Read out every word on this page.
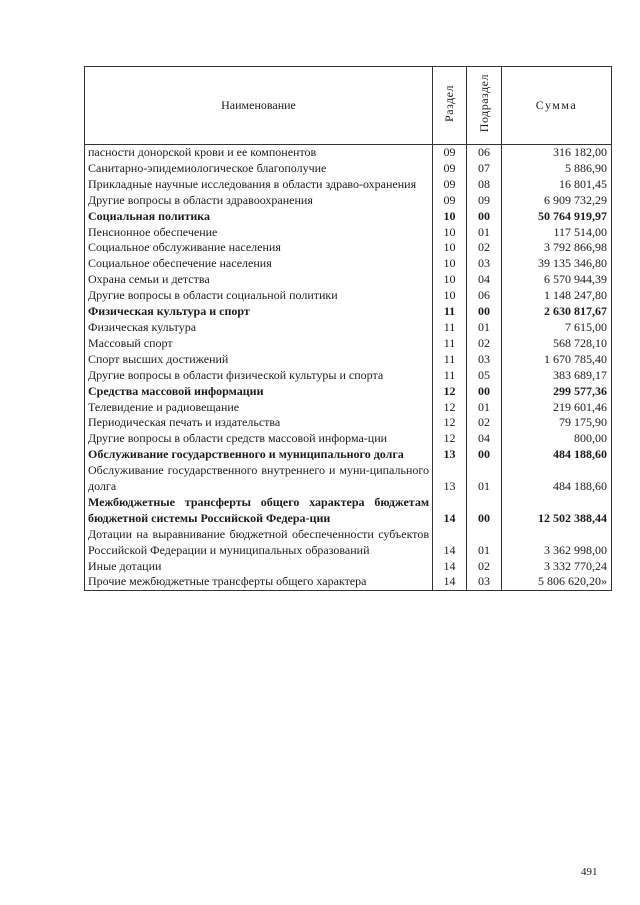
Наименование	Раздел	Подраздел	Сумма
пасности донорской крови и ее компонентов	09	06	316 182,00
Санитарно-эпидемиологическое благополучие	09	07	5 886,90
Прикладные научные исследования в области здраво-охранения	09	08	16 801,45
Другие вопросы в области здравоохранения	09	09	6 909 732,29
Социальная политика	10	00	50 764 919,97
Пенсионное обеспечение	10	01	117 514,00
Социальное обслуживание населения	10	02	3 792 866,98
Социальное обеспечение населения	10	03	39 135 346,80
Охрана семьи и детства	10	04	6 570 944,39
Другие вопросы в области социальной политики	10	06	1 148 247,80
Физическая культура и спорт	11	00	2 630 817,67
Физическая культура	11	01	7 615,00
Массовый спорт	11	02	568 728,10
Спорт высших достижений	11	03	1 670 785,40
Другие вопросы в области физической культуры и спорта	11	05	383 689,17
Средства массовой информации	12	00	299 577,36
Телевидение и радиовещание	12	01	219 601,46
Периодическая печать и издательства	12	02	79 175,90
Другие вопросы в области средств массовой информа-ции	12	04	800,00
Обслуживание государственного и муниципального долга	13	00	484 188,60
Обслуживание государственного внутреннего и муни-ципального долга	13	01	484 188,60
Межбюджетные трансферты общего характера бюджетам бюджетной системы Российской Федера-ции	14	00	12 502 388,44
Дотации на выравнивание бюджетной обеспеченности субъектов Российской Федерации и муниципальных образований	14	01	3 362 998,00
Иные дотации	14	02	3 332 770,24
Прочие межбюджетные трансферты общего характера	14	03	5 806 620,20»
491
